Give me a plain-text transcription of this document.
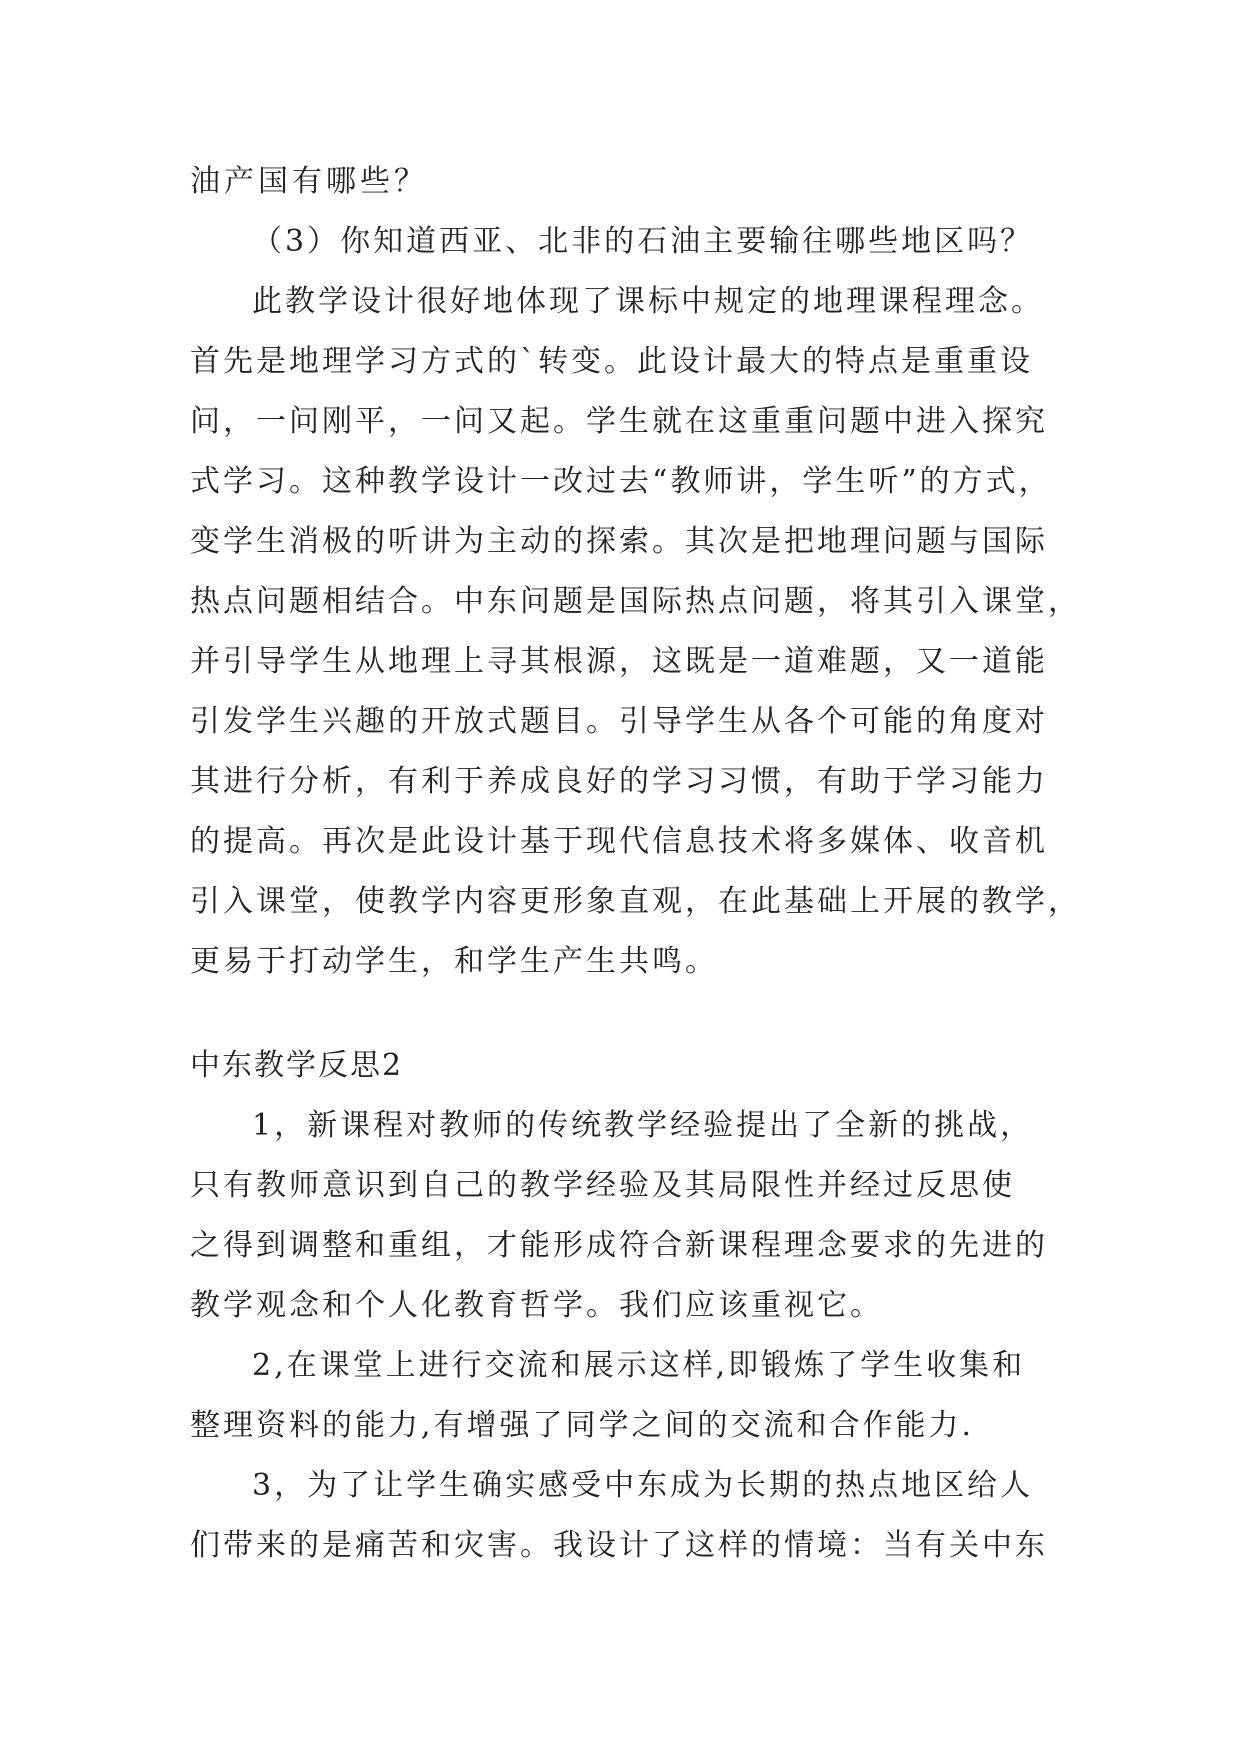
油产国有哪些？

（3）你知道西亚、北非的石油主要输往哪些地区吗？

此教学设计很好地体现了课标中规定的地理课程理念。

首先是地理学习方式的`转变。此设计最大的特点是重重设

问，一问刚平，一问又起。学生就在这重重问题中进入探究

式学习。这种教学设计一改过去“教师讲，学生听”的方式，

变学生消极的听讲为主动的探索。其次是把地理问题与国际

热点问题相结合。中东问题是国际热点问题，将其引入课堂，

并引导学生从地理上寻其根源，这既是一道难题，又一道能

引发学生兴趣的开放式题目。引导学生从各个可能的角度对

其进行分析，有利于养成良好的学习习惯，有助于学习能力

的提高。再次是此设计基于现代信息技术将多媒体、收音机

引入课堂，使教学内容更形象直观，在此基础上开展的教学，

更易于打动学生，和学生产生共鸣。

中东教学反思2

1，新课程对教师的传统教学经验提出了全新的挑战，

只有教师意识到自己的教学经验及其局限性并经过反思使

之得到调整和重组，才能形成符合新课程理念要求的先进的

教学观念和个人化教育哲学。我们应该重视它。

2,在课堂上进行交流和展示这样,即锻炼了学生收集和

整理资料的能力,有增强了同学之间的交流和合作能力.

3，为了让学生确实感受中东成为长期的热点地区给人

们带来的是痛苦和灾害。我设计了这样的情境：当有关中东
